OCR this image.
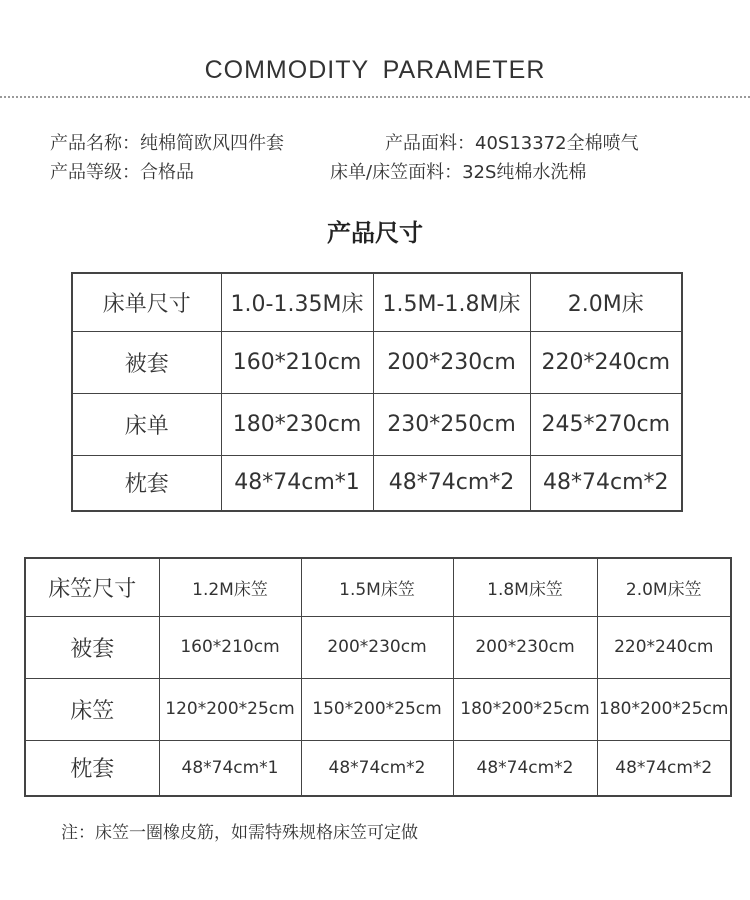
COMMODITY PARAMETER
产品名称：纯棉简欧风四件套	产品面料：40S13372全棉喷气
产品等级：合格品	床单/床笠面料：32S纯棉水洗棉
产品尺寸
床单尺寸	1.0-1.35M床	1.5M-1.8M床	2.0M床
被套	160*210cm	200*230cm	220*240cm
床单	180*230cm	230*250cm	245*270cm
枕套	48*74cm*1	48*74cm*2	48*74cm*2
床笠尺寸	1.2M床笠	1.5M床笠	1.8M床笠	2.0M床笠
被套	160*210cm	200*230cm	200*230cm	220*240cm
床笠	120*200*25cm	150*200*25cm	180*200*25cm	180*200*25cm
枕套	48*74cm*1	48*74cm*2	48*74cm*2	48*74cm*2
注：床笠一圈橡皮筋，如需特殊规格床笠可定做
